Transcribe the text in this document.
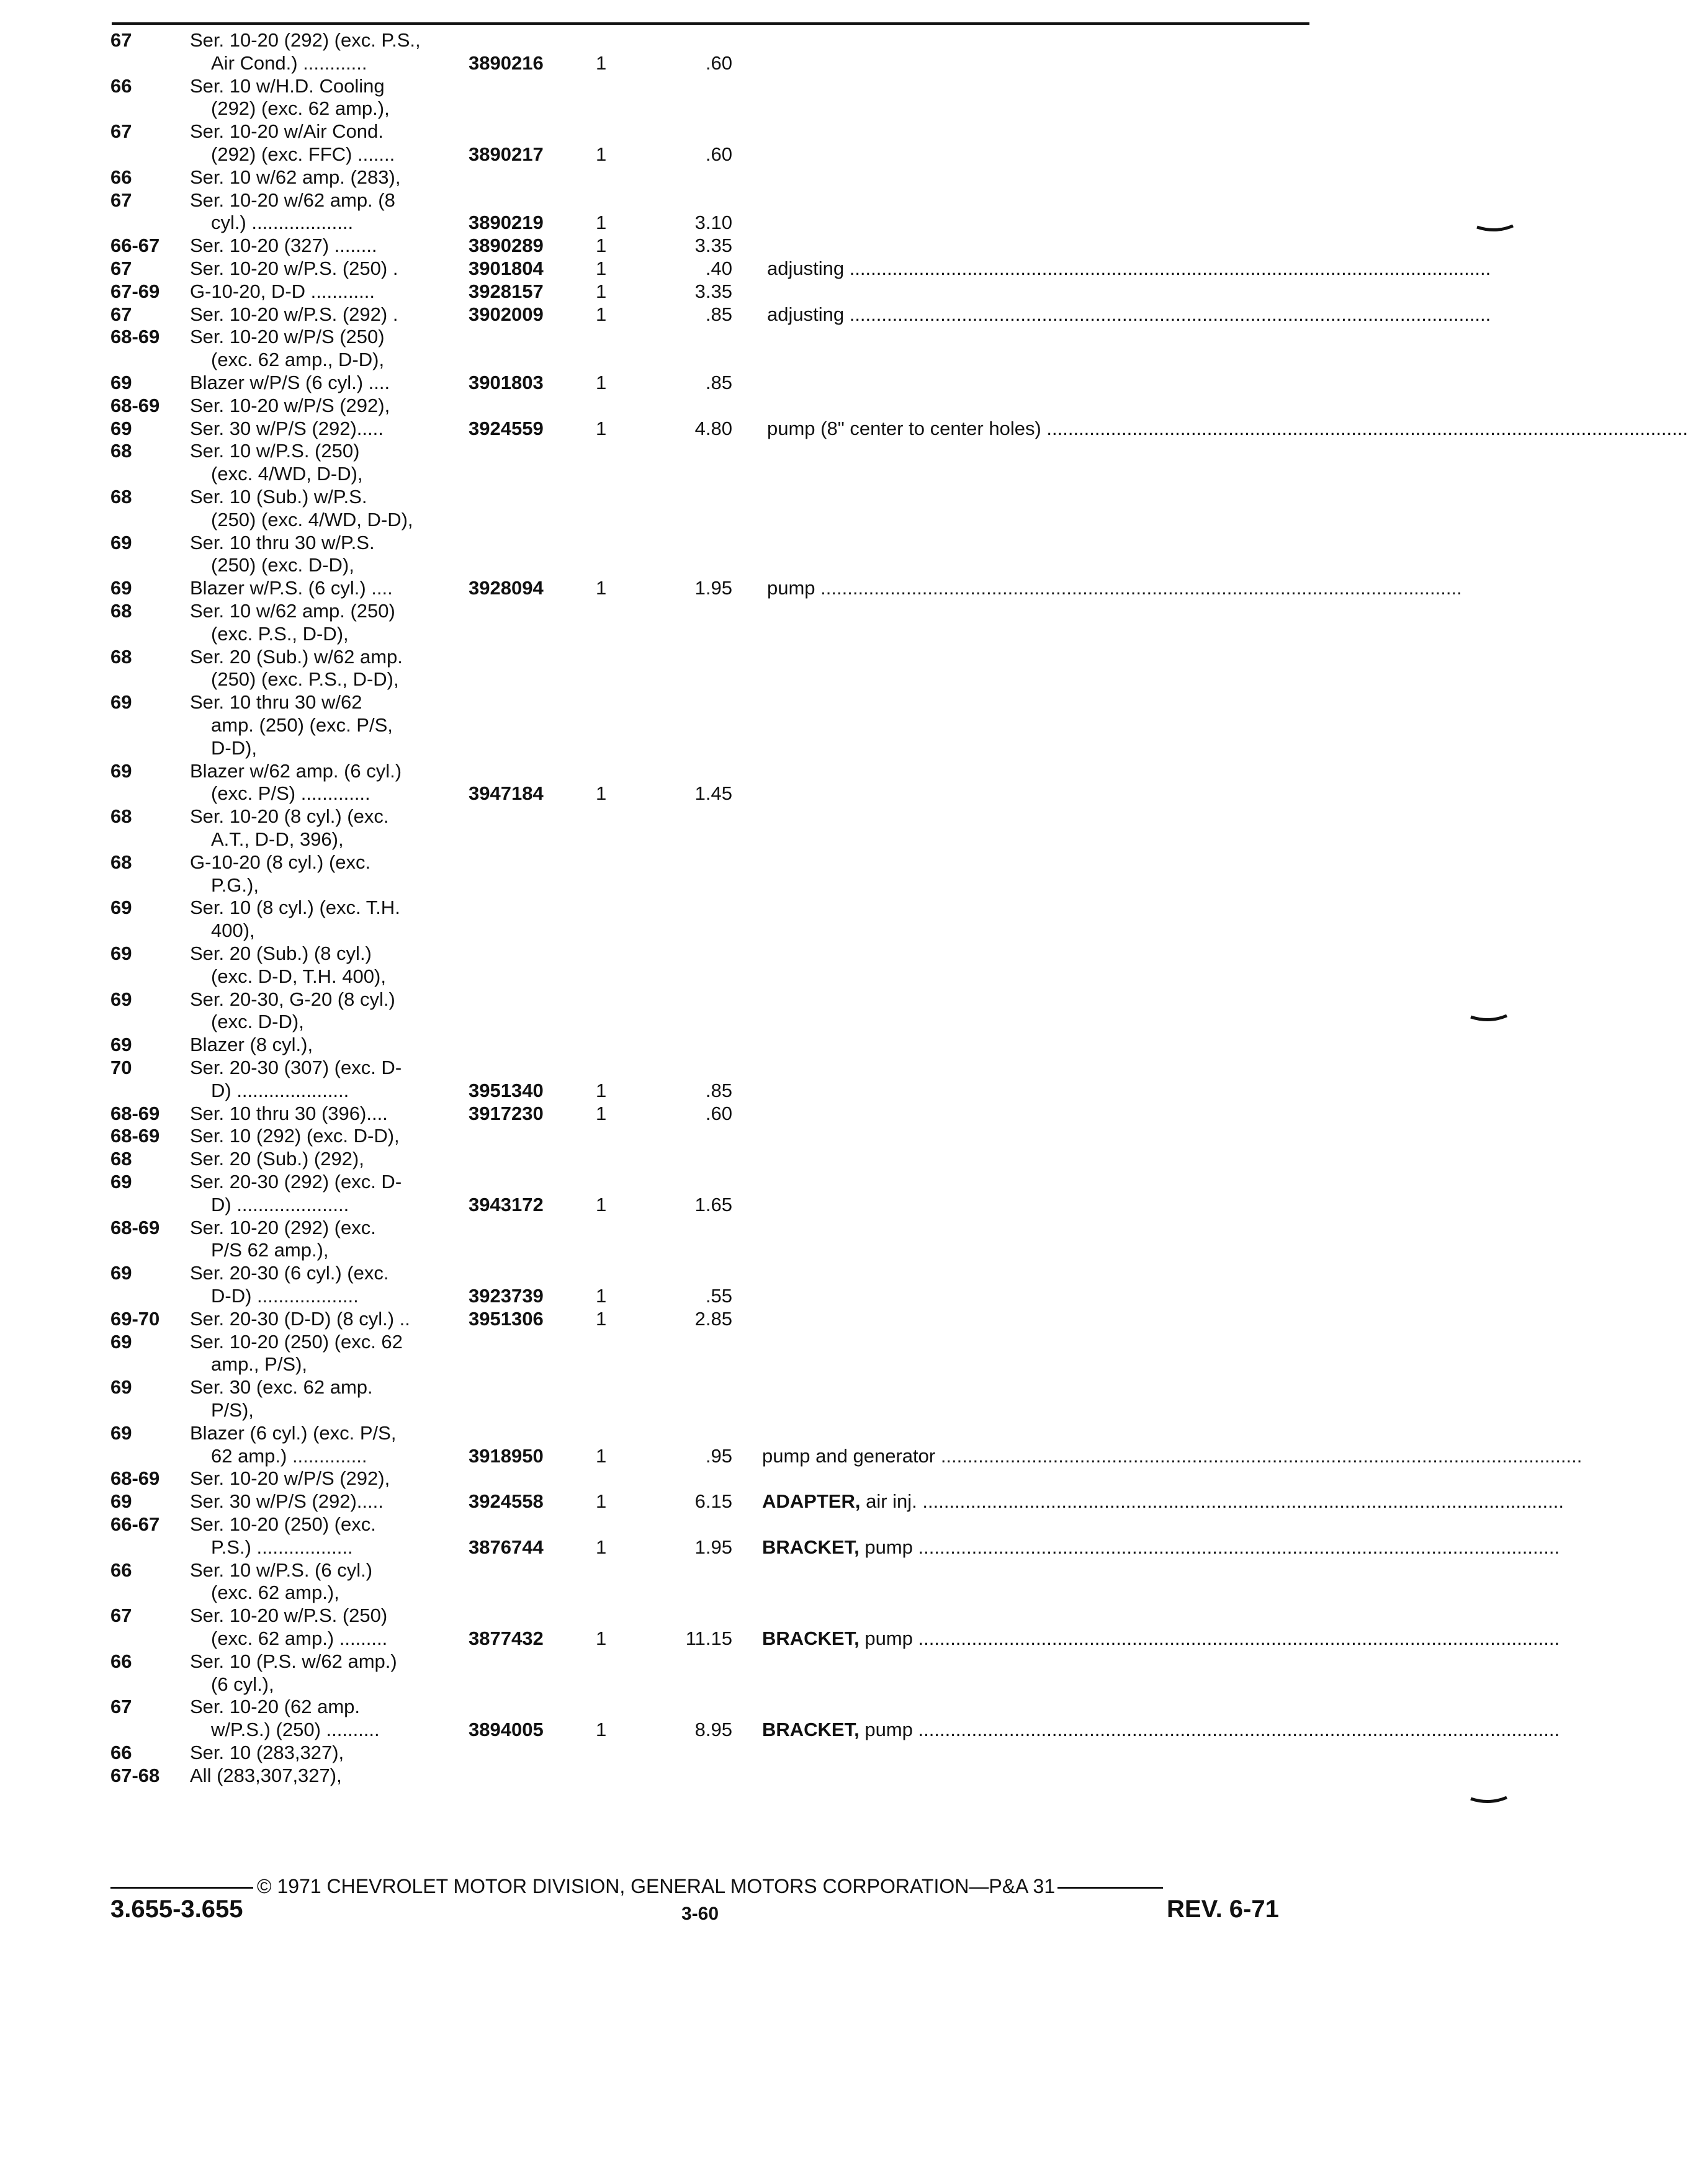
67	Ser. 10-20 (292) (exc. P.S.,
Air Cond.) ............	3890216	1	.60
66	Ser. 10 w/H.D. Cooling
(292) (exc. 62 amp.),
67	Ser. 10-20 w/Air Cond.
(292) (exc. FFC) .......	3890217	1	.60
66	Ser. 10 w/62 amp. (283),
67	Ser. 10-20 w/62 amp. (8
cyl.) ...................	3890219	1	3.10
66-67 Ser. 10-20 (327) ........	3890289	1	3.35
67	Ser. 10-20 w/P.S. (250) .	3901804	1	.40 adjusting ........................................................................................................................
67-69 G-10-20, D-D ............	3928157	1	3.35
67	Ser. 10-20 w/P.S. (292) .	3902009	1	.85 adjusting ........................................................................................................................
68-69 Ser. 10-20 w/P/S (250)
(exc. 62 amp., D-D),
69	Blazer w/P/S (6 cyl.) ....	3901803	1	.85
68-69 Ser. 10-20 w/P/S (292),
69	Ser. 30 w/P/S (292).....	3924559	1	4.80 pump (8" center to center holes) ........................................................................................................................
68	Ser. 10 w/P.S. (250)
(exc. 4/WD, D-D),
68	Ser. 10 (Sub.) w/P.S.
(250) (exc. 4/WD, D-D),
69	Ser. 10 thru 30 w/P.S.
(250) (exc. D-D),
69	Blazer w/P.S. (6 cyl.) ....	3928094	1	1.95 pump ........................................................................................................................
68	Ser. 10 w/62 amp. (250)
(exc. P.S., D-D),
68	Ser. 20 (Sub.) w/62 amp.
(250) (exc. P.S., D-D),
69	Ser. 10 thru 30 w/62
amp. (250) (exc. P/S,
D-D),
69	Blazer w/62 amp. (6 cyl.)
(exc. P/S) .............	3947184	1	1.45
68	Ser. 10-20 (8 cyl.) (exc.
A.T., D-D, 396),
68	G-10-20 (8 cyl.) (exc.
P.G.),
69	Ser. 10 (8 cyl.) (exc. T.H.
400),
69	Ser. 20 (Sub.) (8 cyl.)
(exc. D-D, T.H. 400),
69	Ser. 20-30, G-20 (8 cyl.)
(exc. D-D),
69	Blazer (8 cyl.),
70	Ser. 20-30 (307) (exc. D-
D) .....................	3951340	1	.85
68-69 Ser. 10 thru 30 (396)....	3917230	1	.60
68-69 Ser. 10 (292) (exc. D-D),
68	Ser. 20 (Sub.) (292),
69	Ser. 20-30 (292) (exc. D-
D) .....................	3943172	1	1.65
68-69 Ser. 10-20 (292) (exc.
P/S 62 amp.),
69	Ser. 20-30 (6 cyl.) (exc.
D-D) ...................	3923739	1	.55
69-70 Ser. 20-30 (D-D) (8 cyl.) ..	3951306	1	2.85
69	Ser. 10-20 (250) (exc. 62
amp., P/S),
69	Ser. 30 (exc. 62 amp.
P/S),
69	Blazer (6 cyl.) (exc. P/S,
62 amp.) ..............	3918950	1	.95 pump and generator ........................................................................................................................
68-69 Ser. 10-20 w/P/S (292),
69	Ser. 30 w/P/S (292).....	3924558	1	6.15 ADAPTER, air inj. ........................................................................................................................
66-67 Ser. 10-20 (250) (exc.
P.S.) ..................	3876744	1	1.95 BRACKET, pump ........................................................................................................................
66	Ser. 10 w/P.S. (6 cyl.)
(exc. 62 amp.),
67	Ser. 10-20 w/P.S. (250)
(exc. 62 amp.) .........	3877432	1	11.15 BRACKET, pump ........................................................................................................................
66	Ser. 10 (P.S. w/62 amp.)
(6 cyl.),
67	Ser. 10-20 (62 amp.
w/P.S.) (250) ..........	3894005	1	8.95 BRACKET, pump ........................................................................................................................
66	Ser. 10 (283,327),
67-68 All (283,307,327),
© 1971 CHEVROLET MOTOR DIVISION, GENERAL MOTORS CORPORATION—P&A 31
3.655-3.655	3-60	REV. 6-71
